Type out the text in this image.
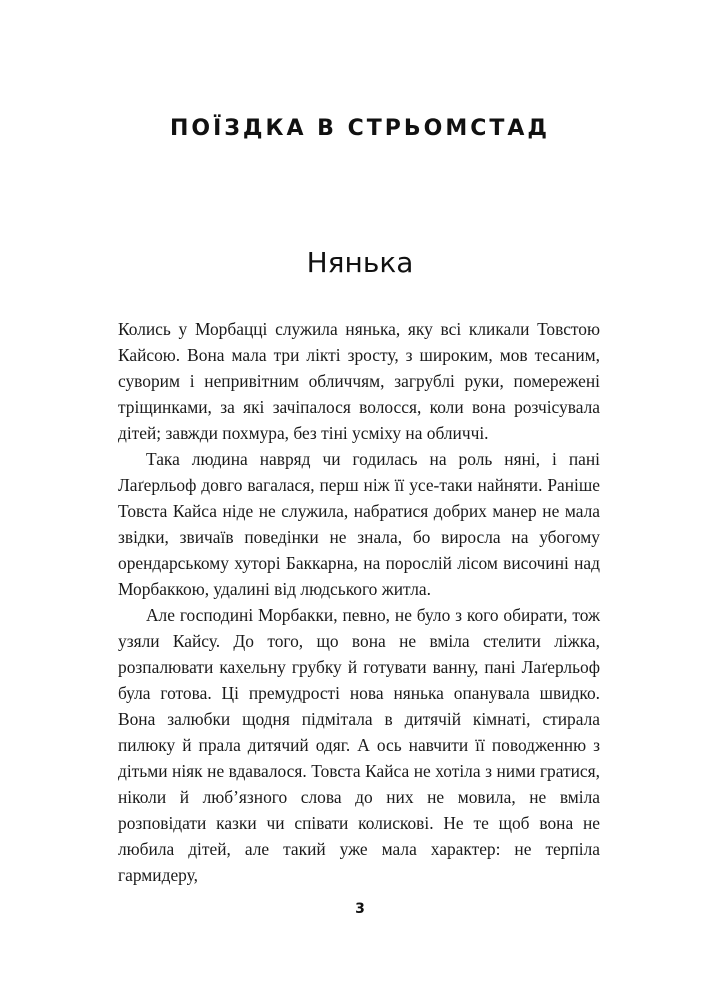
ПОЇЗДКА В СТРЬОМСТАД
Нянька

Колись у Морбацці служила нянька, яку всі кликали Товстою Кайсою. Вона мала три лікті зросту, з широким, мов тесаним, суворим і непривітним обличчям, загрублі руки, помережені тріщинками, за які зачіпалося волосся, коли вона розчісувала дітей; завжди похмура, без тіні усміху на обличчі.

Така людина навряд чи годилась на роль няні, і пані Лаґерльоф довго вагалася, перш ніж її усе-таки найняти. Раніше Товста Кайса ніде не служила, набратися добрих манер не мала звідки, звичаїв поведінки не знала, бо виросла на убогому орендарському хуторі Баккарна, на порослій лісом височині над Морбаккою, удалині від людського житла.

Але господині Морбакки, певно, не було з кого обирати, тож узяли Кайсу. До того, що вона не вміла стелити ліжка, розпалювати кахельну грубку й готувати ванну, пані Лаґерльоф була готова. Ці премудрості нова нянька опанувала швидко. Вона залюбки щодня підмітала в дитячій кімнаті, стирала пилюку й прала дитячий одяг. А ось навчити її поводженню з дітьми ніяк не вдавалося. Товста Кайса не хотіла з ними гратися, ніколи й люб’язного слова до них не мовила, не вміла розповідати казки чи співати колискові. Не те щоб вона не любила дітей, але такий уже мала характер: не терпіла гармидеру,

3
